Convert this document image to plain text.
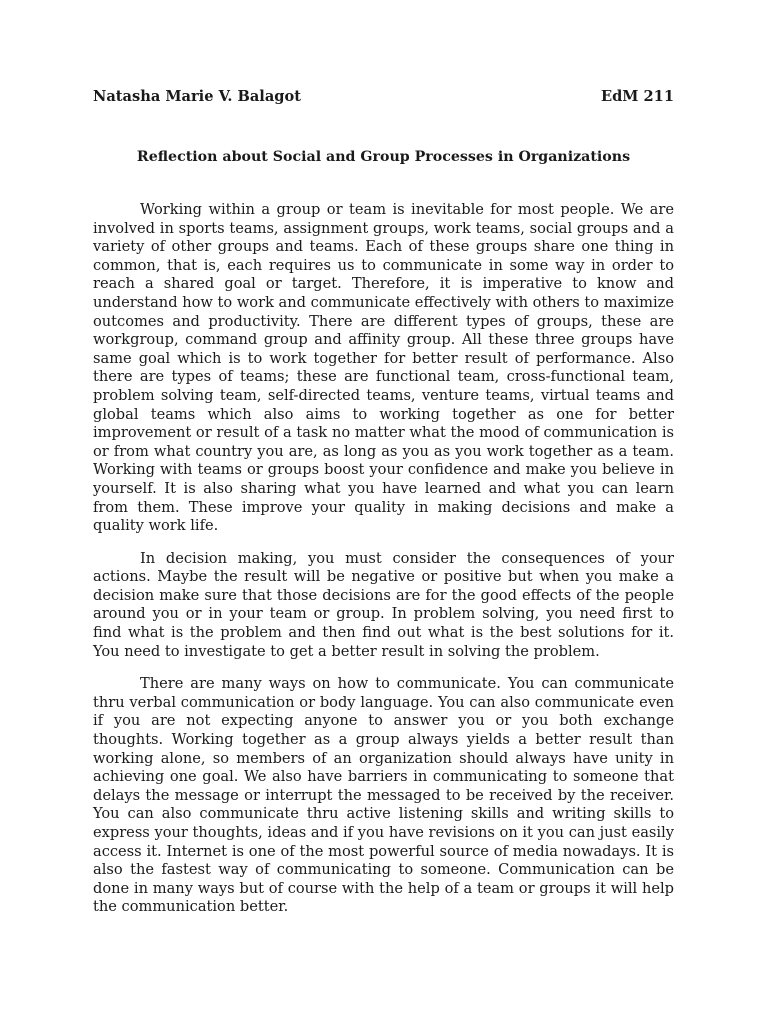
Natasha Marie V. Balagot	EdM 211
Reflection about Social and Group Processes in Organizations

Working within a group or team is inevitable for most people. We are involved in sports teams, assignment groups, work teams, social groups and a variety of other groups and teams. Each of these groups share one thing in common, that is, each requires us to communicate in some way in order to reach a shared goal or target. Therefore, it is imperative to know and understand how to work and communicate effectively with others to maximize outcomes and productivity. There are different types of groups, these are workgroup, command group and affinity group. All these three groups have same goal which is to work together for better result of performance. Also there are types of teams; these are functional team, cross-functional team, problem solving team, self-directed teams, venture teams, virtual teams and global teams which also aims to working together as one for better improvement or result of a task no matter what the mood of communication is or from what country you are, as long as you as you work together as a team. Working with teams or groups boost your confidence and make you believe in yourself. It is also sharing what you have learned and what you can learn from them. These improve your quality in making decisions and make a quality work life.

In decision making, you must consider the consequences of your actions. Maybe the result will be negative or positive but when you make a decision make sure that those decisions are for the good effects of the people around you or in your team or group. In problem solving, you need first to find what is the problem and then find out what is the best solutions for it. You need to investigate to get a better result in solving the problem.

There are many ways on how to communicate. You can communicate thru verbal communication or body language. You can also communicate even if you are not expecting anyone to answer you or you both exchange thoughts. Working together as a group always yields a better result than working alone, so members of an organization should always have unity in achieving one goal. We also have barriers in communicating to someone that delays the message or interrupt the messaged to be received by the receiver. You can also communicate thru active listening skills and writing skills to express your thoughts, ideas and if you have revisions on it you can just easily access it. Internet is one of the most powerful source of media nowadays. It is also the fastest way of communicating to someone. Communication can be done in many ways but of course with the help of a team or groups it will help the communication better.
